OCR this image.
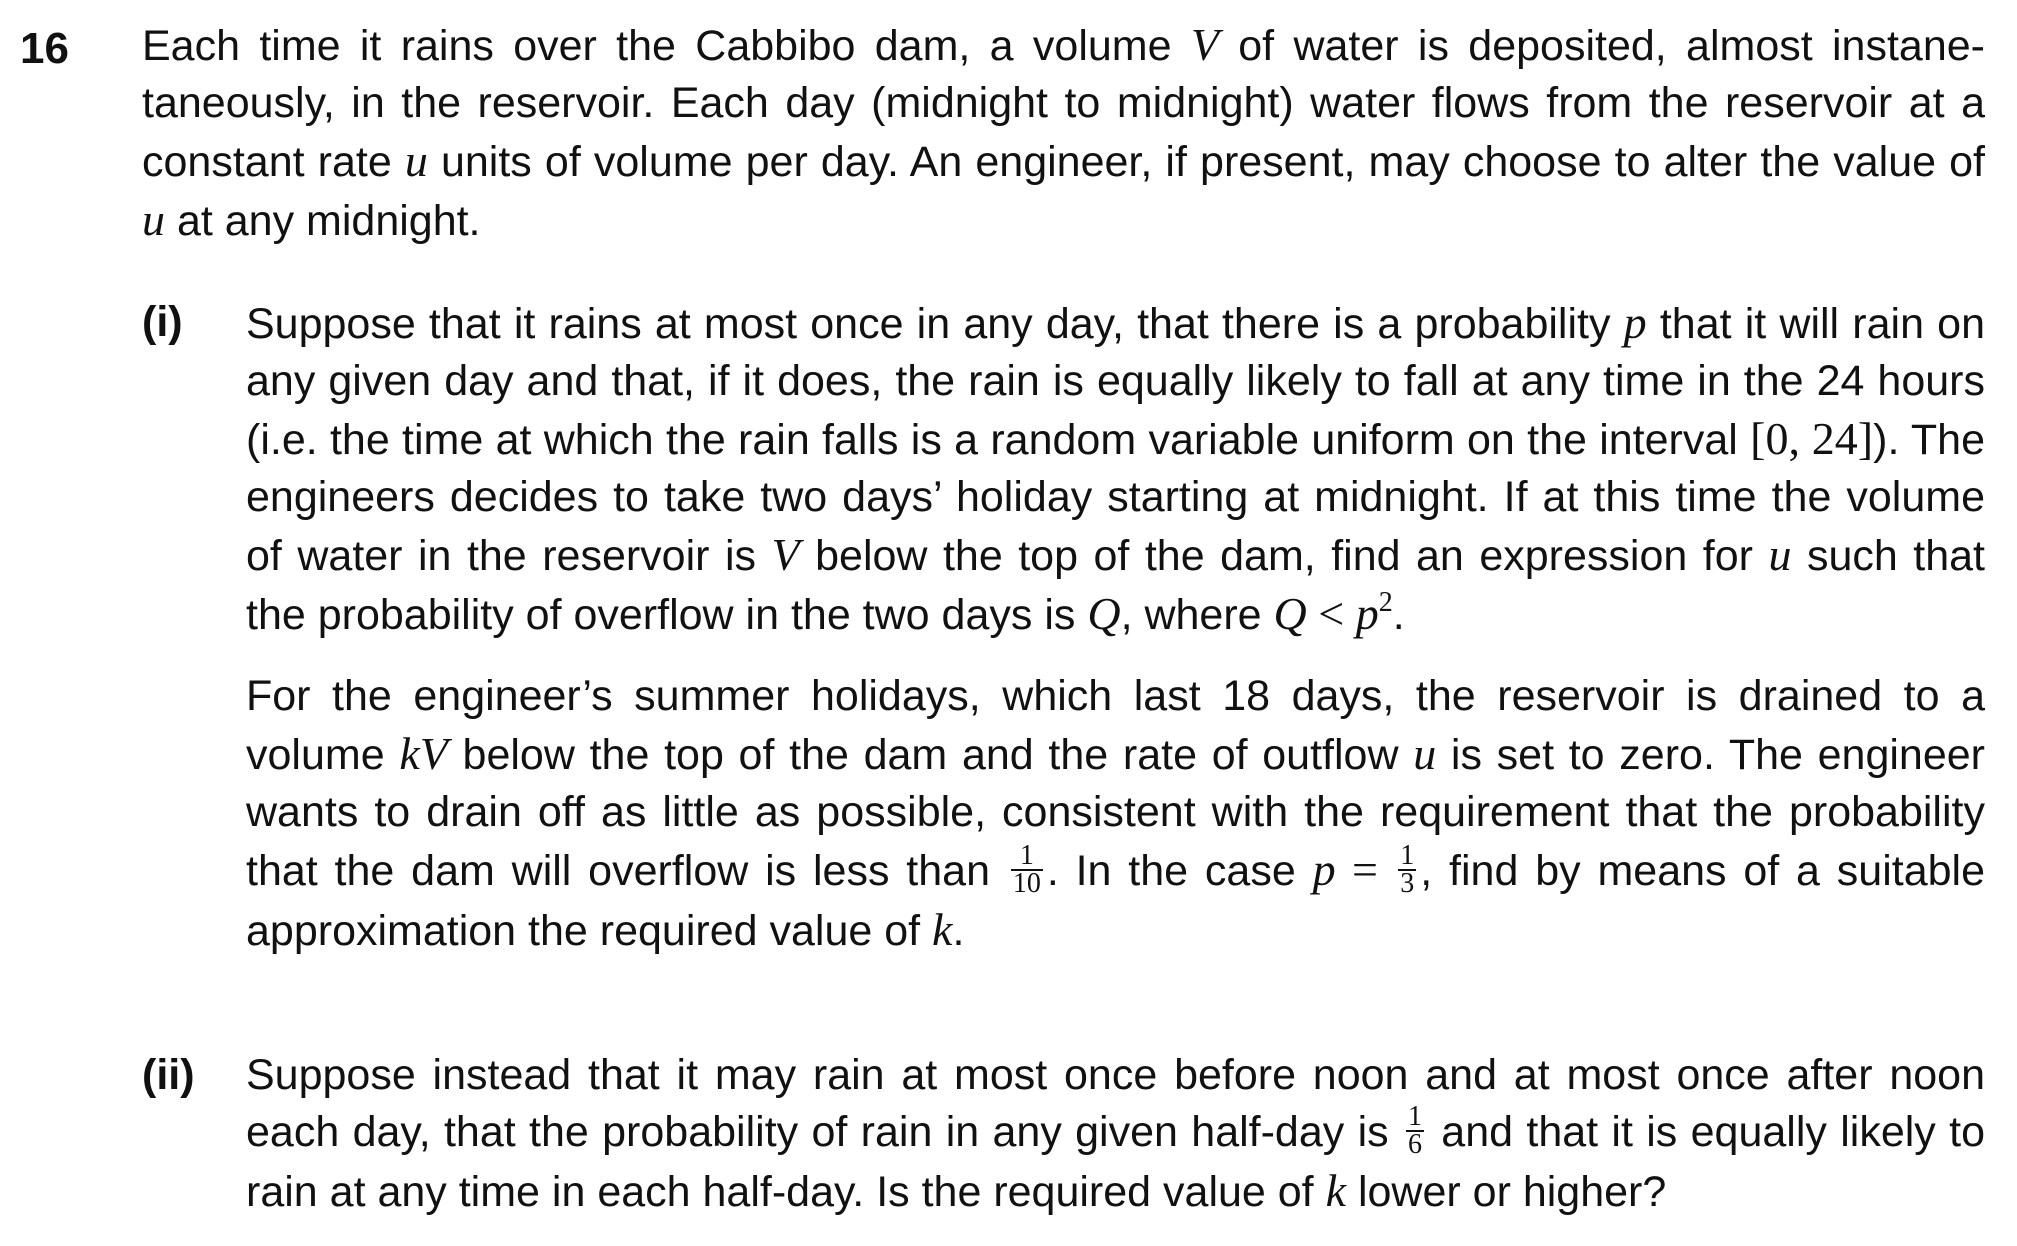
16 Each time it rains over the Cabbibo dam, a volume V of water is deposited, almost instane-taneously, in the reservoir. Each day (midnight to midnight) water flows from the reservoir at a constant rate u units of volume per day. An engineer, if present, may choose to alter the value of u at any midnight.
(i) Suppose that it rains at most once in any day, that there is a probability p that it will rain on any given day and that, if it does, the rain is equally likely to fall at any time in the 24 hours (i.e. the time at which the rain falls is a random variable uniform on the interval [0, 24]). The engineers decides to take two days’ holiday starting at midnight. If at this time the volume of water in the reservoir is V below the top of the dam, find an expression for u such that the probability of overflow in the two days is Q, where $Q < p^2$.
For the engineer’s summer holidays, which last 18 days, the reservoir is drained to a volume kV below the top of the dam and the rate of outflow u is set to zero. The engineer wants to drain off as little as possible, consistent with the requirement that the probability that the dam will overflow is less than $\frac{1}{10}$ . In the case $p = \frac{1}{3}$ , find by means of a suitable approximation the required value of k.
(ii) Suppose instead that it may rain at most once before noon and at most once after noon each day, that the probability of rain in any given half-day is $\frac{1}{6}$ and that it is equally likely to rain at any time in each half-day. Is the required value of k lower or higher?
